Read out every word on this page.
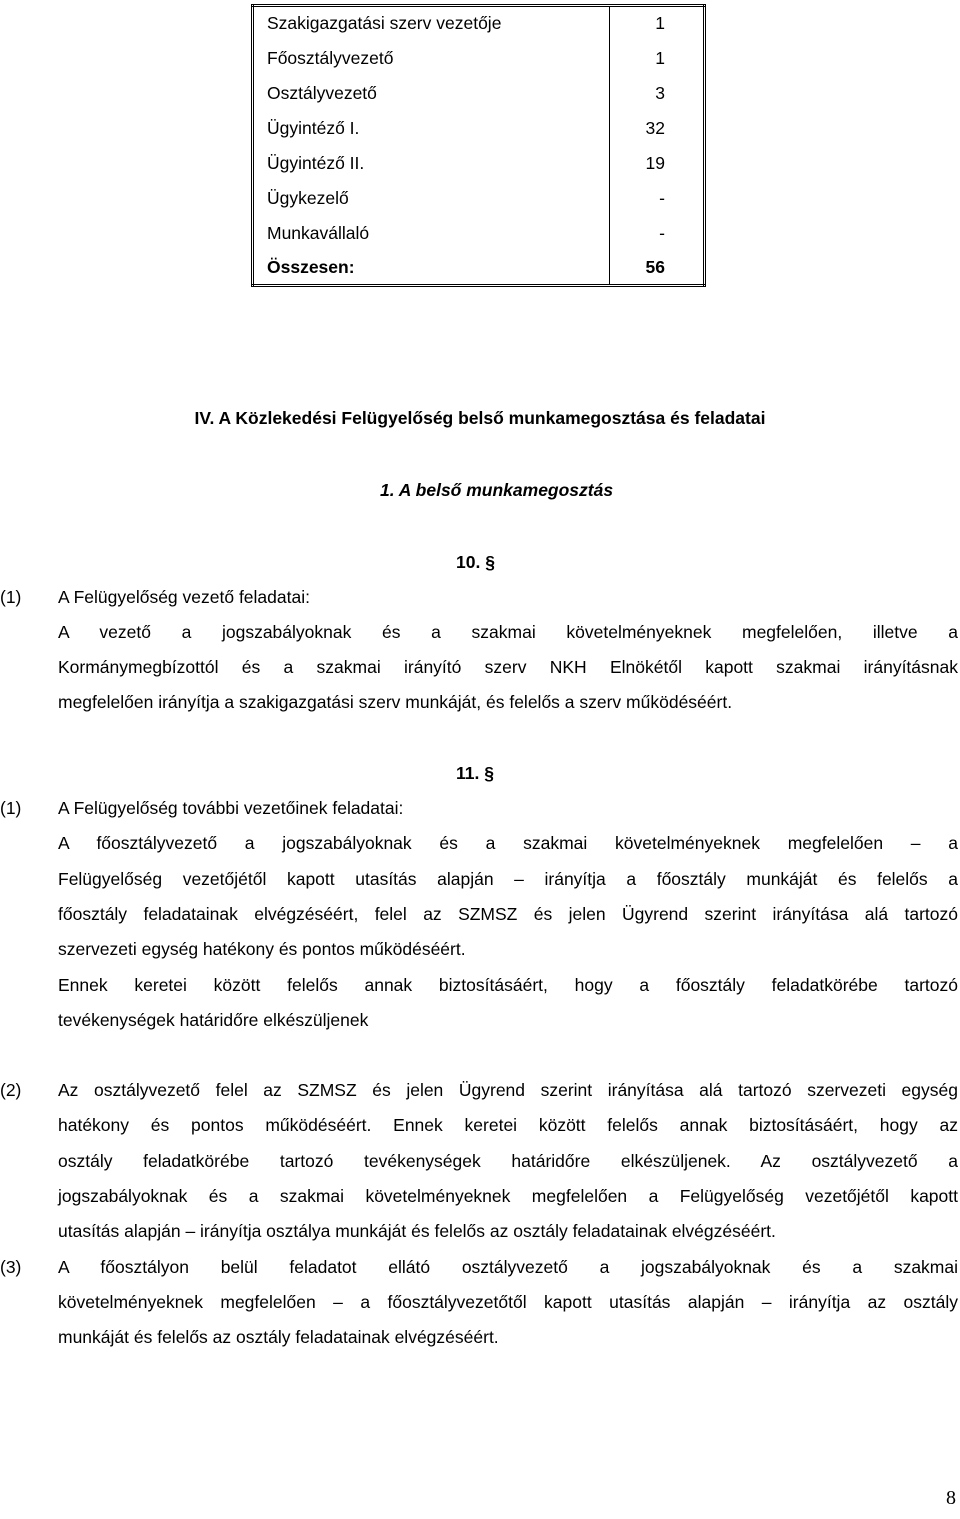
Szakigazgatási szerv vezetője	1
Főosztályvezető	1
Osztályvezető	3
Ügyintéző I.	32
Ügyintéző II.	19
Ügykezelő	-
Munkavállaló	-
Összesen:	56
IV. A Közlekedési Felügyelőség belső munkamegosztása és feladatai
1. A belső munkamegosztás
10. §
(1) A Felügyelőség vezető feladatai:
A vezető a jogszabályoknak és a szakmai követelményeknek megfelelően, illetve a
Kormánymegbízottól és a szakmai irányító szerv NKH Elnökétől kapott szakmai irányításnak
megfelelően irányítja a szakigazgatási szerv munkáját, és felelős a szerv működéséért.
11. §
(1) A Felügyelőség további vezetőinek feladatai:
A főosztályvezető a jogszabályoknak és a szakmai követelményeknek megfelelően – a
Felügyelőség vezetőjétől kapott utasítás alapján – irányítja a főosztály munkáját és felelős a
főosztály feladatainak elvégzéséért, felel az SZMSZ és jelen Ügyrend szerint irányítása alá tartozó
szervezeti egység hatékony és pontos működéséért.
Ennek keretei között felelős annak biztosításáért, hogy a főosztály feladatkörébe tartozó
tevékenységek határidőre elkészüljenek
(2) Az osztályvezető felel az SZMSZ és jelen Ügyrend szerint irányítása alá tartozó szervezeti egység
hatékony és pontos működéséért. Ennek keretei között felelős annak biztosításáért, hogy az
osztály feladatkörébe tartozó tevékenységek határidőre elkészüljenek. Az osztályvezető a
jogszabályoknak és a szakmai követelményeknek megfelelően a Felügyelőség vezetőjétől kapott
utasítás alapján – irányítja osztálya munkáját és felelős az osztály feladatainak elvégzéséért.
(3) A főosztályon belül feladatot ellátó osztályvezető a jogszabályoknak és a szakmai
követelményeknek megfelelően – a főosztályvezetőtől kapott utasítás alapján – irányítja az osztály
munkáját és felelős az osztály feladatainak elvégzéséért.
8
